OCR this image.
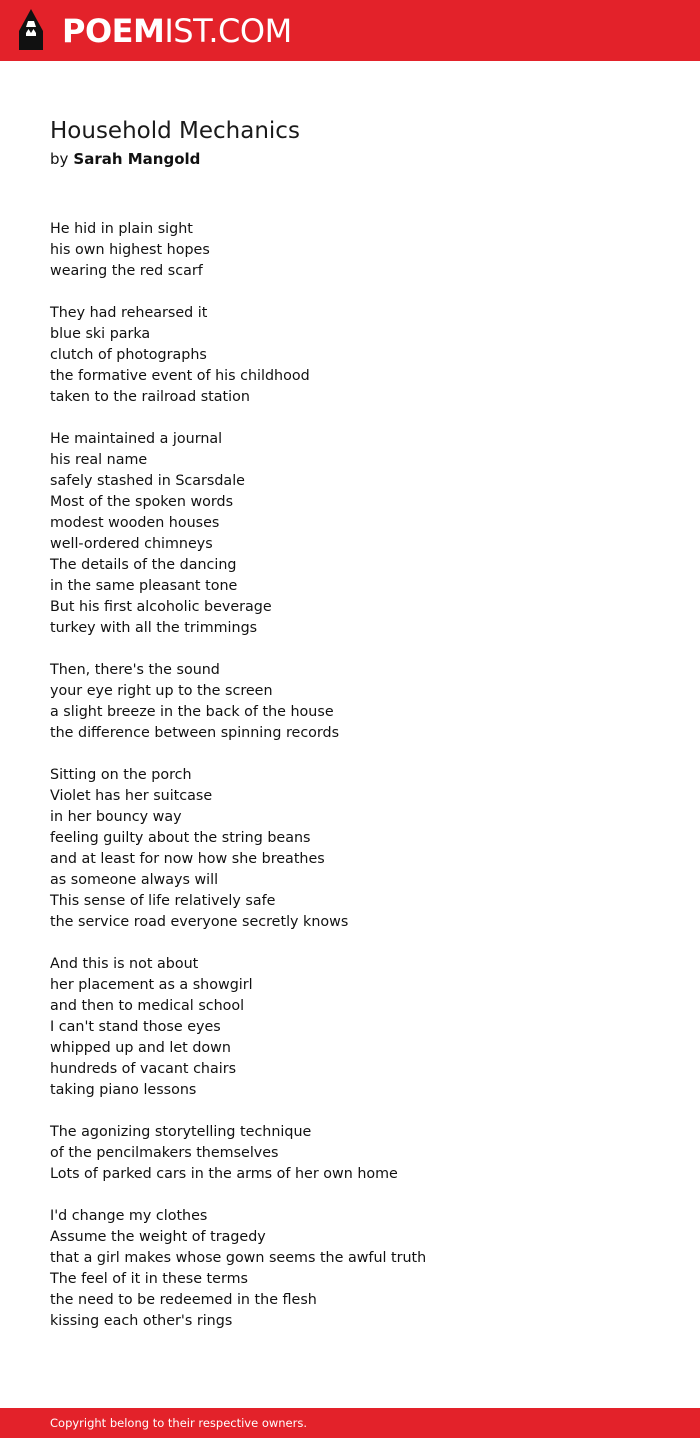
POEMIST.COM
Household Mechanics
by Sarah Mangold
He hid in plain sight
his own highest hopes
wearing the red scarf
They had rehearsed it
blue ski parka
clutch of photographs
the formative event of his childhood
taken to the railroad station
He maintained a journal
his real name
safely stashed in Scarsdale
Most of the spoken words
modest wooden houses
well-ordered chimneys
The details of the dancing
in the same pleasant tone
But his first alcoholic beverage
turkey with all the trimmings
Then, there's the sound
your eye right up to the screen
a slight breeze in the back of the house
the difference between spinning records
Sitting on the porch
Violet has her suitcase
in her bouncy way
feeling guilty about the string beans
and at least for now how she breathes
as someone always will
This sense of life relatively safe
the service road everyone secretly knows
And this is not about
her placement as a showgirl
and then to medical school
I can't stand those eyes
whipped up and let down
hundreds of vacant chairs
taking piano lessons
The agonizing storytelling technique
of the pencilmakers themselves
Lots of parked cars in the arms of her own home
I'd change my clothes
Assume the weight of tragedy
that a girl makes whose gown seems the awful truth
The feel of it in these terms
the need to be redeemed in the flesh
kissing each other's rings
Copyright belong to their respective owners.
